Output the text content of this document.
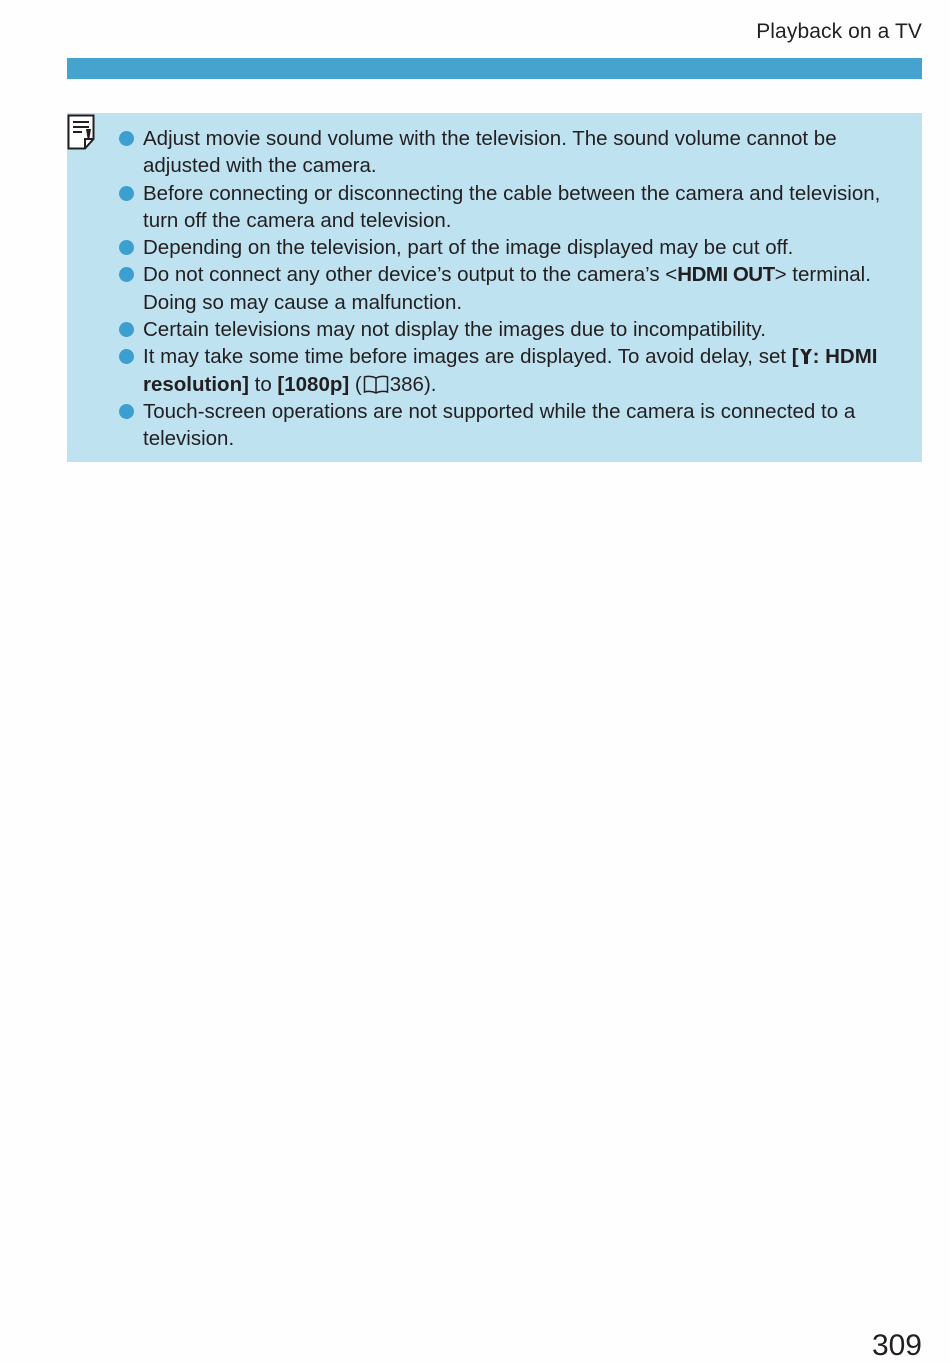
Playback on a TV
Adjust movie sound volume with the television. The sound volume cannot be adjusted with the camera.
Before connecting or disconnecting the cable between the camera and television, turn off the camera and television.
Depending on the television, part of the image displayed may be cut off.
Do not connect any other device’s output to the camera’s <HDMI OUT> terminal. Doing so may cause a malfunction.
Certain televisions may not display the images due to incompatibility.
It may take some time before images are displayed. To avoid delay, set [ : HDMI resolution] to [1080p] ( 386).
Touch-screen operations are not supported while the camera is connected to a television.
309
